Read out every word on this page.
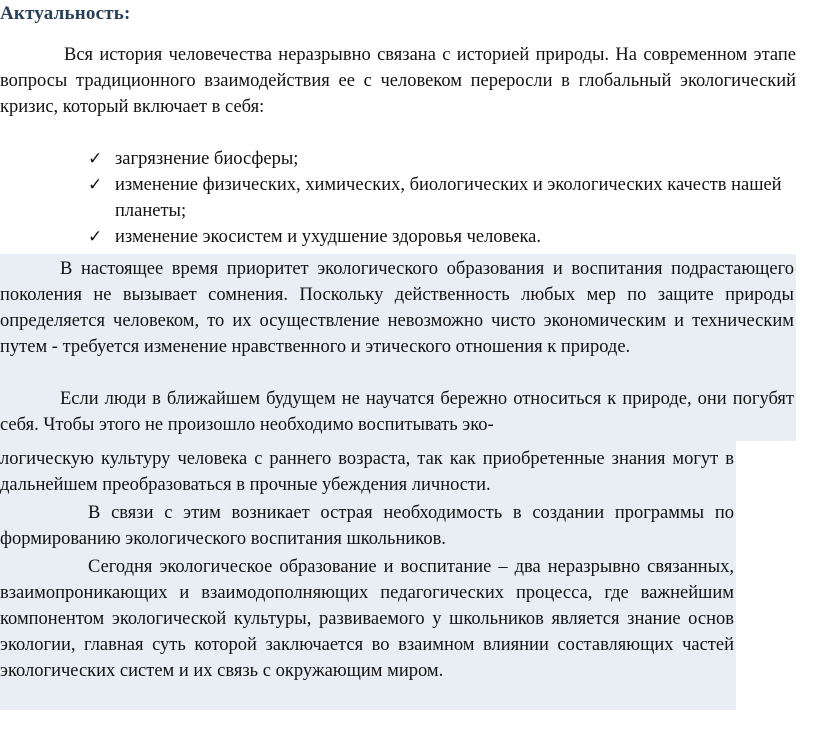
Актуальность:
Вся история человечества неразрывно связана с историей природы. На современном этапе вопросы традиционного взаимодействия ее с человеком переросли в глобальный экологический кризис, который включает в себя:
✓ загрязнение биосферы;
✓ изменение физических, химических, биологических и экологических качеств нашей планеты;
✓ изменение экосистем и ухудшение здоровья человека.
В настоящее время приоритет экологического образования и воспитания подрастающего поколения не вызывает сомнения. Поскольку действенность любых мер по защите природы определяется человеком, то их осуществление невозможно чисто экономическим и техническим путем - требуется изменение нравственного и этического отношения к природе.
Если люди в ближайшем будущем не научатся бережно относиться к природе, они погубят себя. Чтобы этого не произошло необходимо воспитывать эко-
логическую культуру человека с раннего возраста, так как приобретенные знания могут в дальнейшем преобразоваться в прочные убеждения личности.
В связи с этим возникает острая необходимость в создании программы по формированию экологического воспитания школьников.
Сегодня экологическое образование и воспитание – два неразрывно связанных, взаимопроникающих и взаимодополняющих педагогических процесса, где важнейшим компонентом экологической культуры, развиваемого у школьников является знание основ экологии, главная суть которой заключается во взаимном влиянии составляющих частей экологических систем и их связь с окружающим миром.
